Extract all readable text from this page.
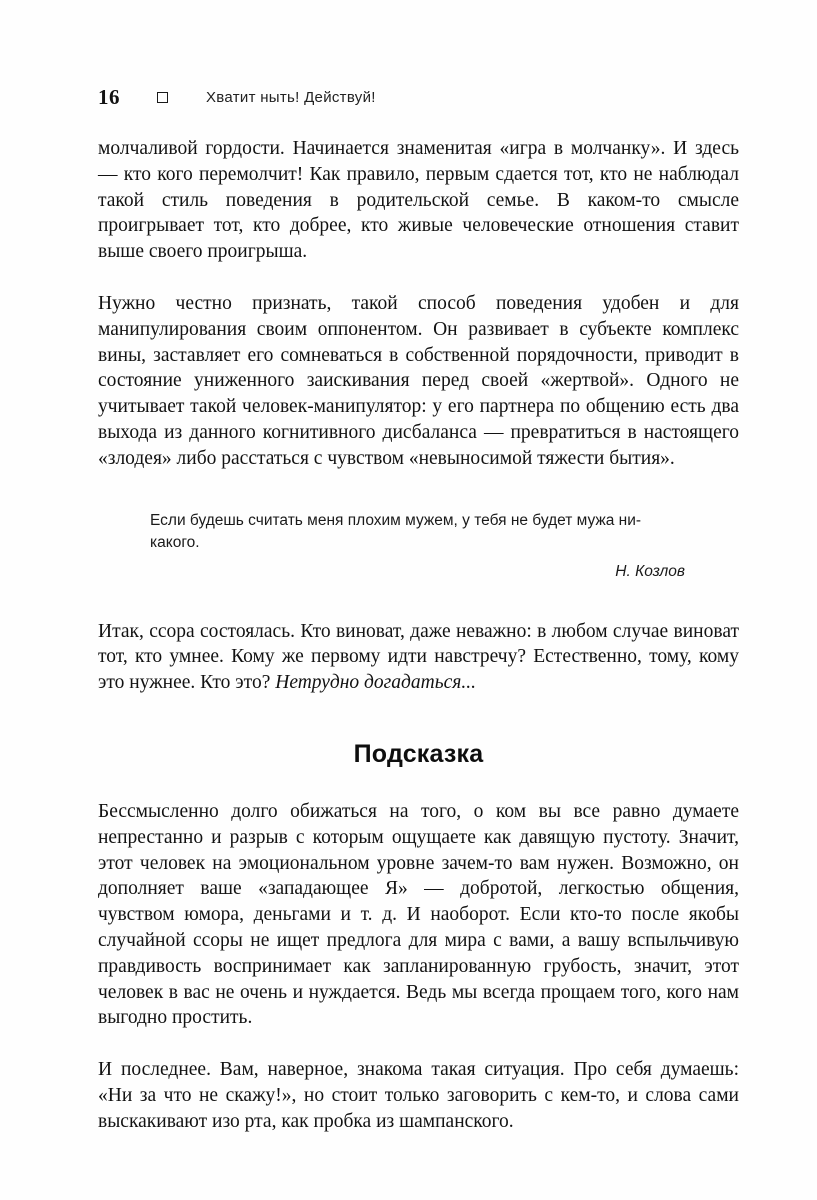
16	Хватит ныть! Действуй!

молчаливой гордости. Начинается знаменитая «игра в молчанку». И здесь — кто кого перемолчит! Как правило, первым сдается тот, кто не наблюдал такой стиль поведения в родительской семье. В каком-то смысле проигрывает тот, кто добрее, кто живые человеческие отношения ставит выше своего проигрыша.

Нужно честно признать, такой способ поведения удобен и для манипулирования своим оппонентом. Он развивает в субъекте комплекс вины, заставляет его сомневаться в собственной порядочности, приводит в состояние униженного заискивания перед своей «жертвой». Одного не учитывает такой человек-манипулятор: у его партнера по общению есть два выхода из данного когнитивного дисбаланса — превратиться в настоящего «злодея» либо расстаться с чувством «невыносимой тяжести бытия».

Если будешь считать меня плохим мужем, у тебя не будет мужа никакого.

Н. Козлов

Итак, ссора состоялась. Кто виноват, даже неважно: в любом случае виноват тот, кто умнее. Кому же первому идти навстречу? Естественно, тому, кому это нужнее. Кто это? Нетрудно догадаться...

Подсказка

Бессмысленно долго обижаться на того, о ком вы все равно думаете непрестанно и разрыв с которым ощущаете как давящую пустоту. Значит, этот человек на эмоциональном уровне зачем-то вам нужен. Возможно, он дополняет ваше «западающее Я» — добротой, легкостью общения, чувством юмора, деньгами и т. д. И наоборот. Если кто-то после якобы случайной ссоры не ищет предлога для мира с вами, а вашу вспыльчивую правдивость воспринимает как запланированную грубость, значит, этот человек в вас не очень и нуждается. Ведь мы всегда прощаем того, кого нам выгодно простить.

И последнее. Вам, наверное, знакома такая ситуация. Про себя думаешь: «Ни за что не скажу!», но стоит только заговорить с кем-то, и слова сами выскакивают изо рта, как пробка из шампанского.
